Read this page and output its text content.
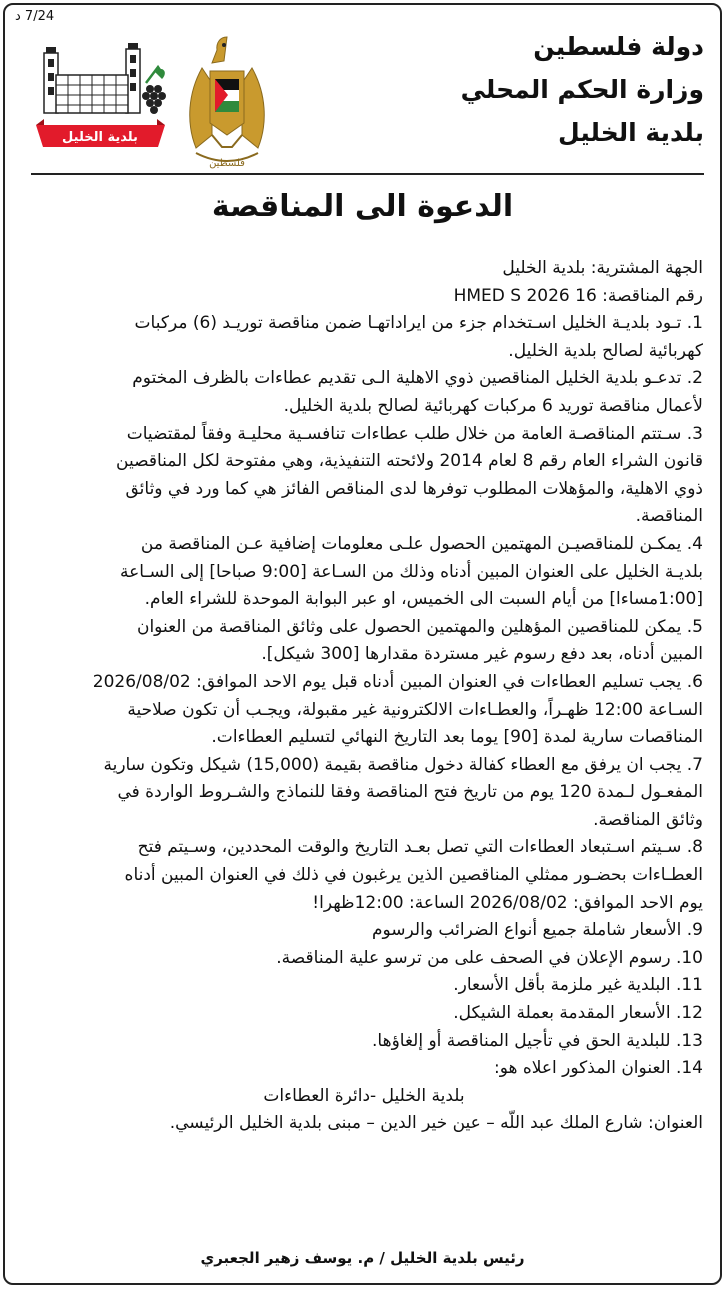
7/24 د
دولة فلسطين
وزارة الحكم المحلي
بلدية الخليل
فلسطين
بلدية الخليل
الدعوة الى المناقصة
الجهة المشترية: بلدية الخليل
رقم المناقصة: HMED S 2026 16
1. تـود بلديـة الخليل اسـتخدام جزء من ايراداتهـا ضمن مناقصة توريـد (6) مركبات
كهربائية لصالح بلدية الخليل.
2. تدعـو بلدية الخليل المناقصين ذوي الاهلية الـى تقديم عطاءات بالظرف المختوم
لأعمال مناقصة توريد 6 مركبات كهربائية لصالح بلدية الخليل.
3. سـتتم المناقصـة العامة من خلال طلب عطاءات تنافسـية محليـة وفقاً لمقتضيات
قانون الشراء العام رقم 8 لعام 2014 ولائحته التنفيذية، وهي مفتوحة لكل المناقصين
ذوي الاهلية، والمؤهلات المطلوب توفرها لدى المناقص الفائز هي كما ورد في وثائق
المناقصة.
4. يمكـن للمناقصيـن المهتمين الحصول علـى معلومات إضافية عـن المناقصة من
بلديـة الخليل على العنوان المبين أدناه وذلك من السـاعة [9:00 صباحا] إلى السـاعة
[1:00مساءا] من أيام السبت الى الخميس، او عبر البوابة الموحدة للشراء العام.
5. يمكن للمناقصين المؤهلين والمهتمين الحصول على وثائق المناقصة من العنوان
المبين أدناه، بعد دفع رسوم غير مستردة مقدارها [300 شيكل].
6. يجب تسليم العطاءات في العنوان المبين أدناه قبل يوم الاحد الموافق: 2026/08/02
السـاعة 12:00 ظهـراً، والعطـاءات الالكترونية غير مقبولة، ويجـب أن تكون صلاحية
المناقصات سارية لمدة [90] يوما بعد التاريخ النهائي لتسليم العطاءات.
7. يجب ان يرفق مع العطاء كفالة دخول مناقصة بقيمة (15,000) شيكل وتكون سارية
المفعـول لـمدة 120 يوم من تاريخ فتح المناقصة وفقا للنماذج والشـروط الواردة في
وثائق المناقصة.
8. سـيتم اسـتبعاد العطاءات التي تصل بعـد التاريخ والوقت المحددين، وسـيتم فتح
العطـاءات بحضـور ممثلي المناقصين الذين يرغبون في ذلك في العنوان المبين أدناه
يوم الاحد الموافق: 2026/08/02 الساعة: 12:00ظهرا!
9. الأسعار شاملة جميع أنواع الضرائب والرسوم
10. رسوم الإعلان في الصحف على من ترسو علية المناقصة.
11. البلدية غير ملزمة بأقل الأسعار.
12. الأسعار المقدمة بعملة الشيكل.
13. للبلدية الحق في تأجيل المناقصة أو إلغاؤها.
14. العنوان المذكور اعلاه هو:
بلدية الخليل -دائرة العطاءات
العنوان: شارع الملك عبد اللّه – عين خير الدين – مبنى بلدية الخليل الرئيسي.
رئيس بلدية الخليل / م. يوسف زهير الجعبري
